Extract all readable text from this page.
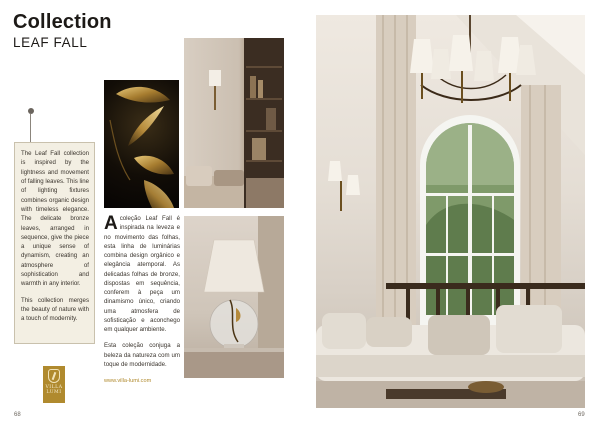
Collection
LEAF FALL

The Leaf Fall collection is inspired by the lightness and movement of falling leaves. This line of lighting fixtures combines organic design with timeless elegance. The delicate bronze leaves, arranged in sequence, give the piece a unique sense of dynamism, creating an atmosphere of sophistication and warmth in any interior.

This collection merges the beauty of nature with a touch of modernity.

VILLA
LUMI

Acoleção Leaf Fall é inspirada na leveza e no movimento das folhas, esta linha de luminárias combina design orgânico e elegância atemporal. As delicadas folhas de bronze, dispostas em sequência, conferem à peça um dinamismo único, criando uma atmosfera de sofisticação e aconchego em qualquer ambiente.

Esta coleção conjuga a beleza da natureza com um toque de modernidade.

www.villa-lumi.com
68	69
